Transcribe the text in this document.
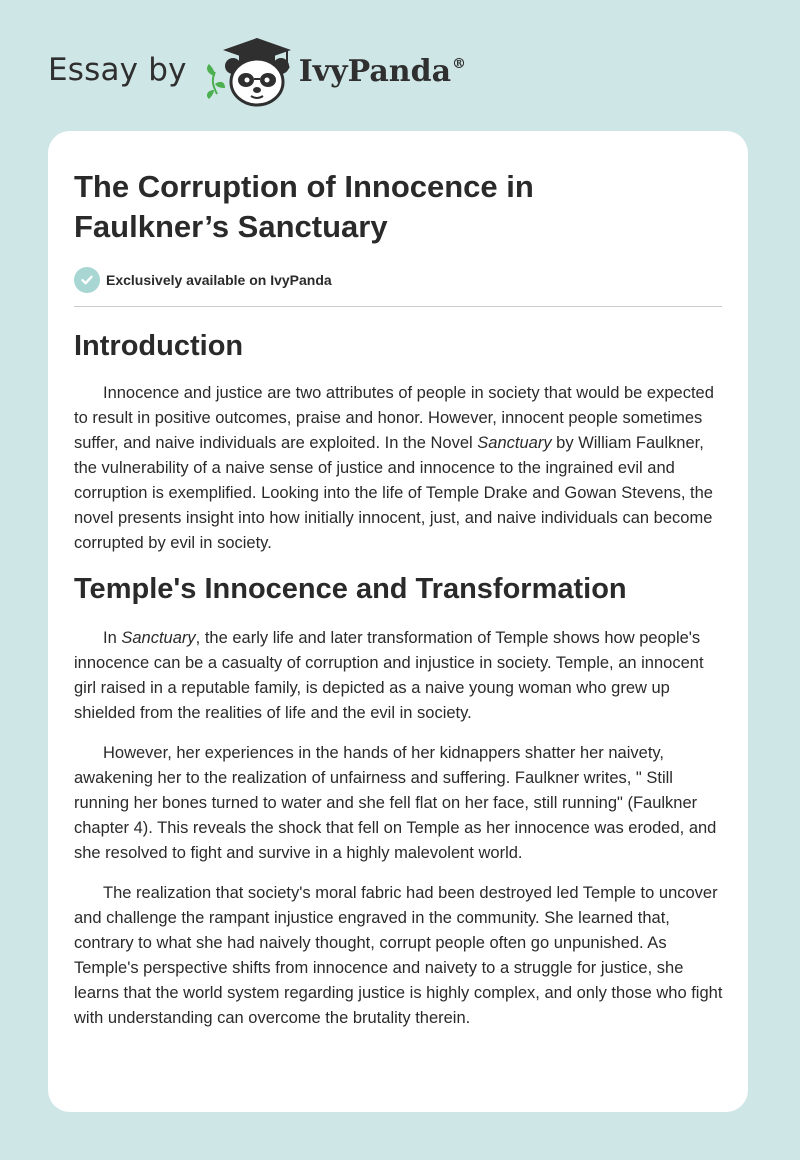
Essay by	IvyPanda®
The Corruption of Innocence in Faulkner’s Sanctuary
Exclusively available on IvyPanda
Introduction

Innocence and justice are two attributes of people in society that would be expected to result in positive outcomes, praise and honor. However, innocent people sometimes suffer, and naive individuals are exploited. In the Novel Sanctuary by William Faulkner, the vulnerability of a naive sense of justice and innocence to the ingrained evil and corruption is exemplified. Looking into the life of Temple Drake and Gowan Stevens, the novel presents insight into how initially innocent, just, and naive individuals can become corrupted by evil in society.

Temple's Innocence and Transformation

In Sanctuary, the early life and later transformation of Temple shows how people's innocence can be a casualty of corruption and injustice in society. Temple, an innocent girl raised in a reputable family, is depicted as a naive young woman who grew up shielded from the realities of life and the evil in society.

However, her experiences in the hands of her kidnappers shatter her naivety, awakening her to the realization of unfairness and suffering. Faulkner writes, " Still running her bones turned to water and she fell flat on her face, still running" (Faulkner chapter 4). This reveals the shock that fell on Temple as her innocence was eroded, and she resolved to fight and survive in a highly malevolent world.

The realization that society's moral fabric had been destroyed led Temple to uncover and challenge the rampant injustice engraved in the community. She learned that, contrary to what she had naively thought, corrupt people often go unpunished. As Temple's perspective shifts from innocence and naivety to a struggle for justice, she learns that the world system regarding justice is highly complex, and only those who fight with understanding can overcome the brutality therein.
